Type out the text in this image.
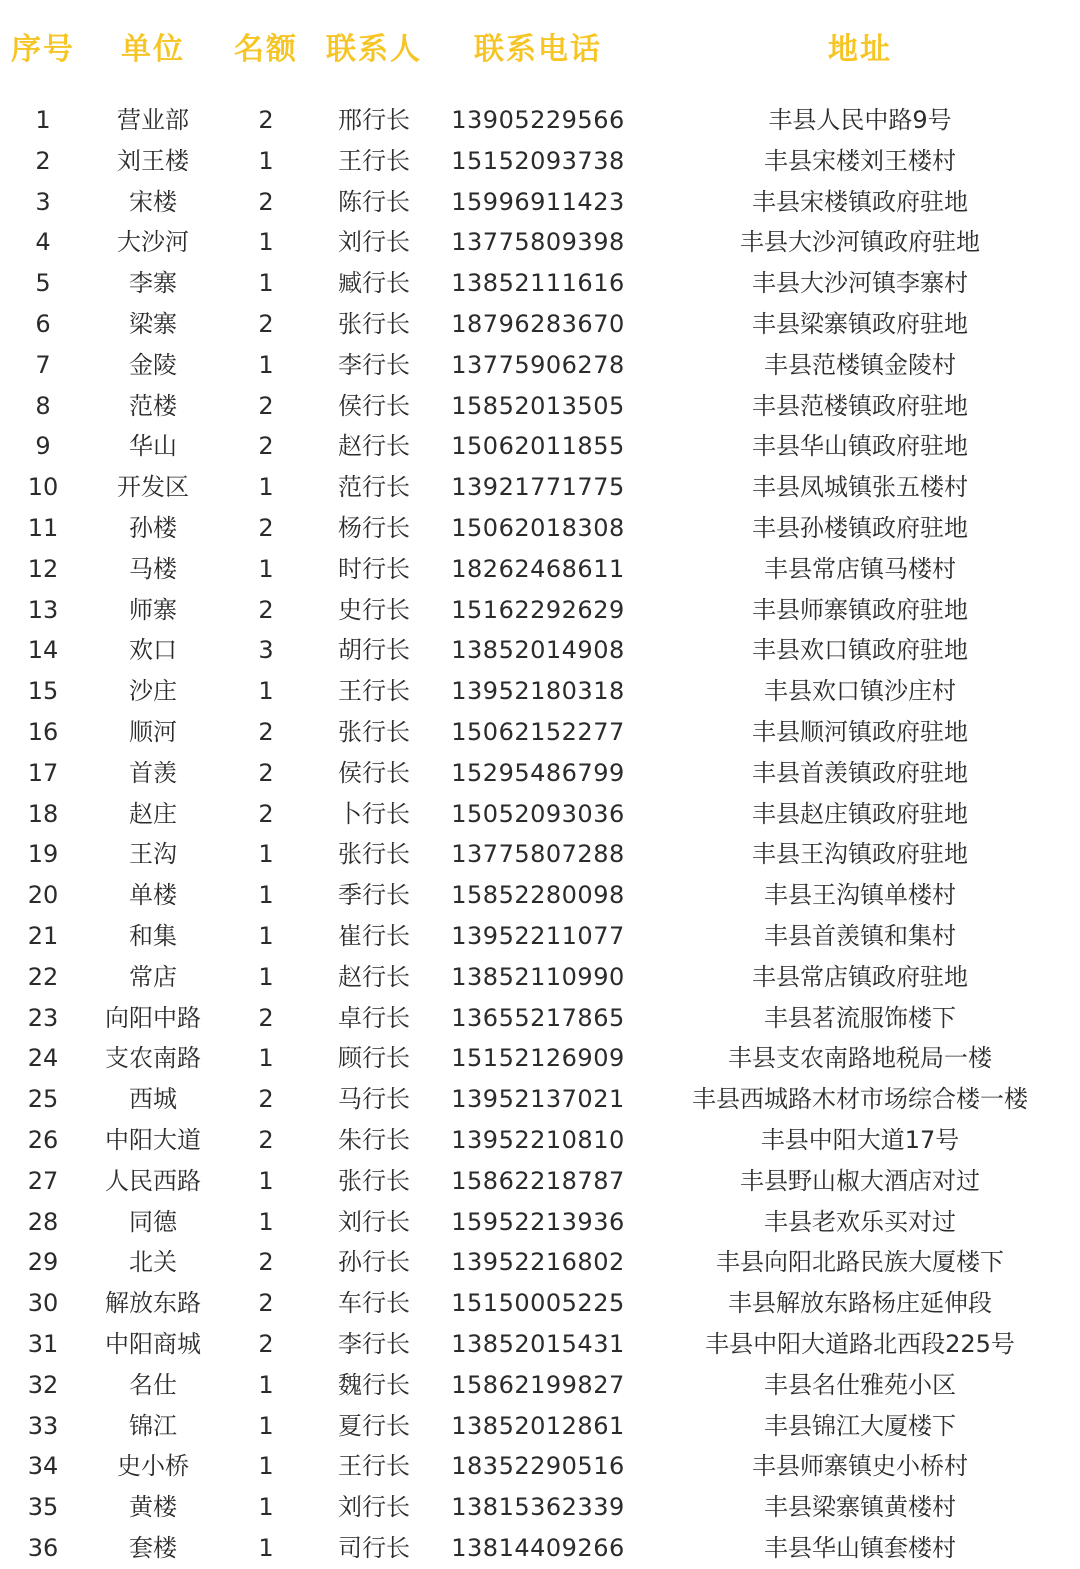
序号	单位	名额 联系人	联系电话	地址
1	营业部	2	邢行长	13905229566	丰县人民中路9号
2	刘王楼	1	王行长	15152093738	丰县宋楼刘王楼村
3	宋楼	2	陈行长	15996911423	丰县宋楼镇政府驻地
4	大沙河	1	刘行长	13775809398	丰县大沙河镇政府驻地
5	李寨	1	臧行长	13852111616	丰县大沙河镇李寨村
6	梁寨	2	张行长	18796283670	丰县梁寨镇政府驻地
7	金陵	1	李行长	13775906278	丰县范楼镇金陵村
8	范楼	2	侯行长	15852013505	丰县范楼镇政府驻地
9	华山	2	赵行长	15062011855	丰县华山镇政府驻地
10	开发区	1	范行长	13921771775	丰县凤城镇张五楼村
11	孙楼	2	杨行长	15062018308	丰县孙楼镇政府驻地
12	马楼	1	时行长	18262468611	丰县常店镇马楼村
13	师寨	2	史行长	15162292629	丰县师寨镇政府驻地
14	欢口	3	胡行长	13852014908	丰县欢口镇政府驻地
15	沙庄	1	王行长	13952180318	丰县欢口镇沙庄村
16	顺河	2	张行长	15062152277	丰县顺河镇政府驻地
17	首羡	2	侯行长	15295486799	丰县首羡镇政府驻地
18	赵庄	2	卜行长	15052093036	丰县赵庄镇政府驻地
19	王沟	1	张行长	13775807288	丰县王沟镇政府驻地
20	单楼	1	季行长	15852280098	丰县王沟镇单楼村
21	和集	1	崔行长	13952211077	丰县首羡镇和集村
22	常店	1	赵行长	13852110990	丰县常店镇政府驻地
23	向阳中路	2	卓行长	13655217865	丰县茗流服饰楼下
24	支农南路	1	顾行长	15152126909	丰县支农南路地税局一楼
25	西城	2	马行长	13952137021	丰县西城路木材市场综合楼一楼
26	中阳大道	2	朱行长	13952210810	丰县中阳大道17号
27	人民西路	1	张行长	15862218787	丰县野山椒大酒店对过
28	同德	1	刘行长	15952213936	丰县老欢乐买对过
29	北关	2	孙行长	13952216802	丰县向阳北路民族大厦楼下
30	解放东路	2	车行长	15150005225	丰县解放东路杨庄延伸段
31	中阳商城	2	李行长	13852015431	丰县中阳大道路北西段225号
32	名仕	1	魏行长	15862199827	丰县名仕雅苑小区
33	锦江	1	夏行长	13852012861	丰县锦江大厦楼下
34	史小桥	1	王行长	18352290516	丰县师寨镇史小桥村
35	黄楼	1	刘行长	13815362339	丰县梁寨镇黄楼村
36	套楼	1	司行长	13814409266	丰县华山镇套楼村
